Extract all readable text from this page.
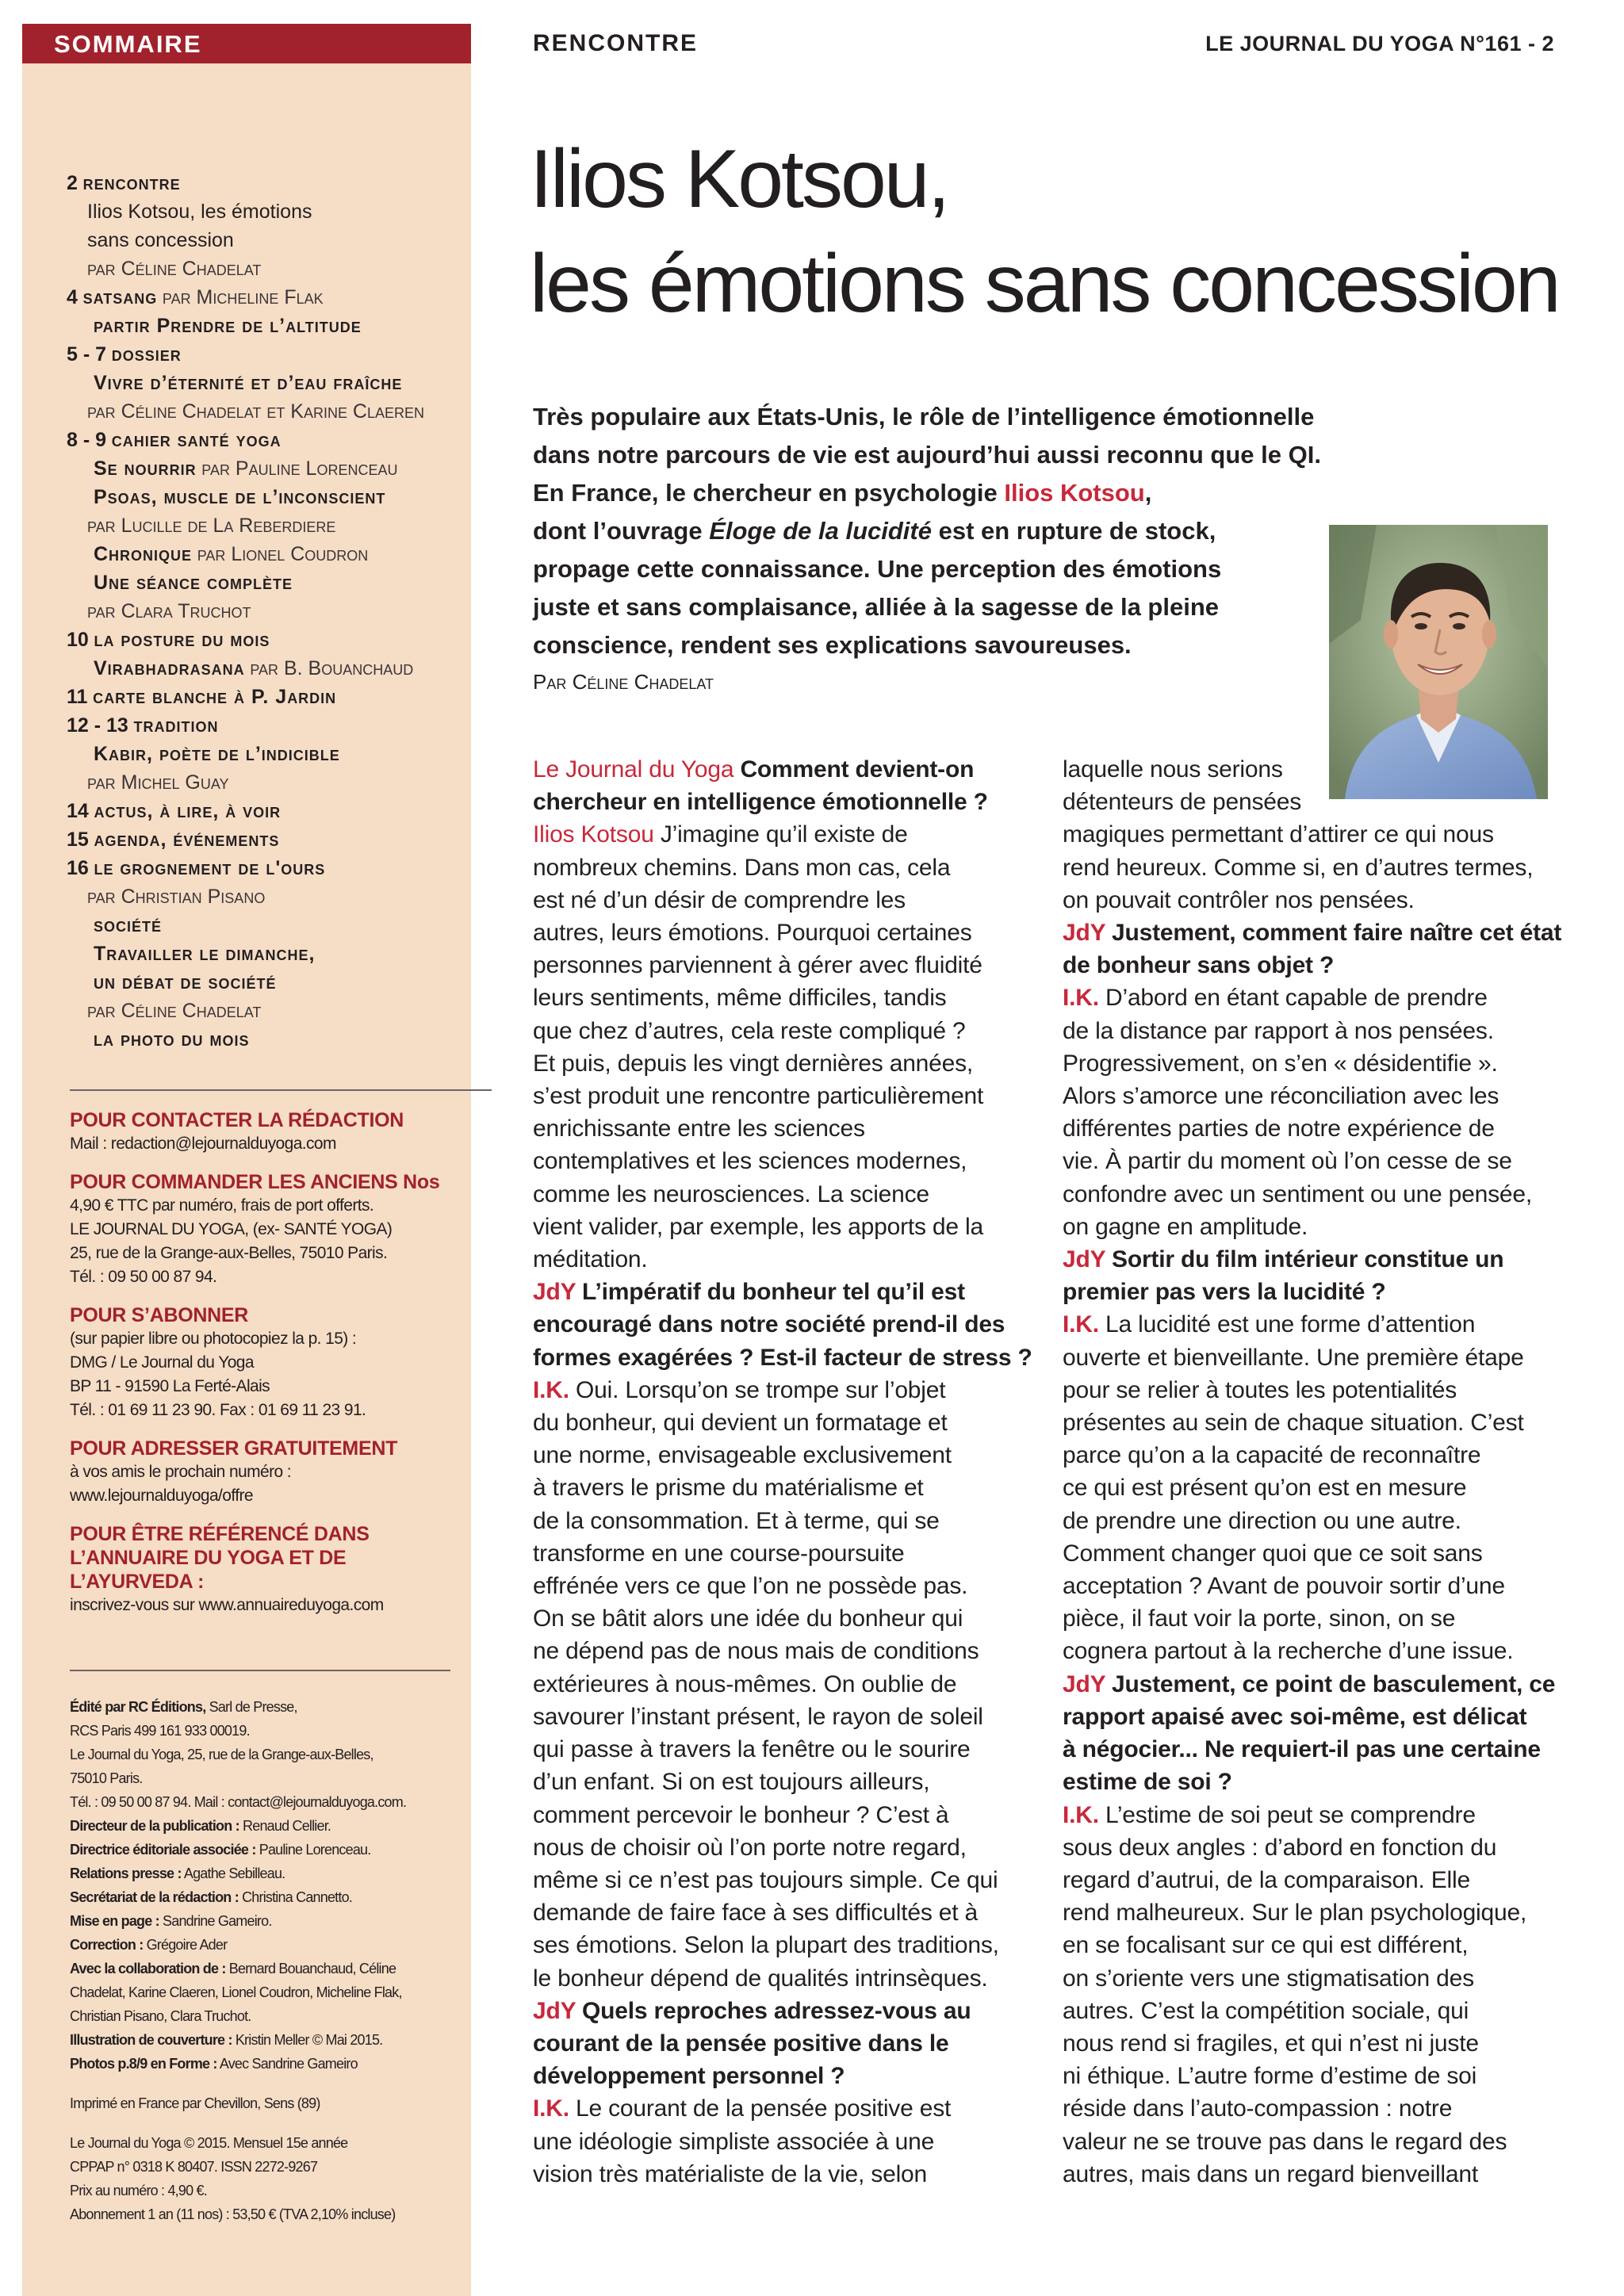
SOMMAIRE
2 rencontre
Ilios Kotsou, les émotions
sans concession
par Céline Chadelat
4 satsang par Micheline Flak
partir Prendre de l’altitude
5 - 7 dossier
Vivre d’éternité et d’eau fraîche
par Céline Chadelat et Karine Claeren
8 - 9 cahier santé yoga
Se nourrir par Pauline Lorenceau
Psoas, muscle de l’inconscient
par Lucille de La Reberdiere
Chronique par Lionel Coudron
Une séance complète
par Clara Truchot
10 la posture du mois
Virabhadrasana par B. Bouanchaud
11 carte blanche à P. Jardin
12 - 13 tradition
Kabir, poète de l’indicible
par Michel Guay
14 actus, à lire, à voir
15 agenda, événements
16 le grognement de l'ours
par Christian Pisano
société
Travailler le dimanche,
un débat de société
par Céline Chadelat
la photo du mois
POUR CONTACTER LA RÉDACTION
Mail : redaction@lejournalduyoga.com
POUR COMMANDER LES ANCIENS Nos
4,90 € TTC par numéro, frais de port offerts.
LE JOURNAL DU YOGA, (ex- SANTÉ YOGA)
25, rue de la Grange-aux-Belles, 75010 Paris.
Tél. : 09 50 00 87 94.
POUR S’ABONNER
(sur papier libre ou photocopiez la p. 15) :
DMG / Le Journal du Yoga
BP 11 - 91590 La Ferté-Alais
Tél. : 01 69 11 23 90. Fax : 01 69 11 23 91.
POUR ADRESSER GRATUITEMENT
à vos amis le prochain numéro :
www.lejournalduyoga/offre
POUR ÊTRE RÉFÉRENCÉ DANS L’ANNUAIRE DU YOGA ET DE L’AYURVEDA :
inscrivez-vous sur www.annuaireduyoga.com
Édité par RC Éditions, Sarl de Presse,
RCS Paris 499 161 933 00019.
Le Journal du Yoga, 25, rue de la Grange-aux-Belles,
75010 Paris.
Tél. : 09 50 00 87 94. Mail : contact@lejournalduyoga.com.
Directeur de la publication : Renaud Cellier.
Directrice éditoriale associée : Pauline Lorenceau.
Relations presse : Agathe Sebilleau.
Secrétariat de la rédaction : Christina Cannetto.
Mise en page : Sandrine Gameiro.
Correction : Grégoire Ader
Avec la collaboration de : Bernard Bouanchaud, Céline
Chadelat, Karine Claeren, Lionel Coudron, Micheline Flak,
Christian Pisano, Clara Truchot.
Illustration de couverture : Kristin Meller © Mai 2015.
Photos p.8/9 en Forme : Avec Sandrine Gameiro
Imprimé en France par Chevillon, Sens (89)
Le Journal du Yoga © 2015. Mensuel 15e année
CPPAP n° 0318 K 80407. ISSN 2272-9267
Prix au numéro : 4,90 €.
Abonnement 1 an (11 nos) : 53,50 € (TVA 2,10% incluse)
RENCONTRE	LE JOURNAL DU YOGA N°161 - 2
Ilios Kotsou,
les émotions sans concession
Très populaire aux États-Unis, le rôle de l’intelligence émotionnelle
dans notre parcours de vie est aujourd’hui aussi reconnu que le QI.
En France, le chercheur en psychologie Ilios Kotsou,
dont l’ouvrage Éloge de la lucidité est en rupture de stock,
propage cette connaissance. Une perception des émotions
juste et sans complaisance, alliée à la sagesse de la pleine
conscience, rendent ses explications savoureuses.
Par Céline Chadelat
Le Journal du Yoga Comment devient-on
chercheur en intelligence émotionnelle ?
Ilios Kotsou J’imagine qu’il existe de
nombreux chemins. Dans mon cas, cela
est né d’un désir de comprendre les
autres, leurs émotions. Pourquoi certaines
personnes parviennent à gérer avec fluidité
leurs sentiments, même difficiles, tandis
que chez d’autres, cela reste compliqué ?
Et puis, depuis les vingt dernières années,
s’est produit une rencontre particulièrement
enrichissante entre les sciences
contemplatives et les sciences modernes,
comme les neurosciences. La science
vient valider, par exemple, les apports de la
méditation.
JdY L’impératif du bonheur tel qu’il est
encouragé dans notre société prend-il des
formes exagérées ? Est-il facteur de stress ?
I.K. Oui. Lorsqu’on se trompe sur l’objet
du bonheur, qui devient un formatage et
une norme, envisageable exclusivement
à travers le prisme du matérialisme et
de la consommation. Et à terme, qui se
transforme en une course-poursuite
effrénée vers ce que l’on ne possède pas.
On se bâtit alors une idée du bonheur qui
ne dépend pas de nous mais de conditions
extérieures à nous-mêmes. On oublie de
savourer l’instant présent, le rayon de soleil
qui passe à travers la fenêtre ou le sourire
d’un enfant. Si on est toujours ailleurs,
comment percevoir le bonheur ? C’est à
nous de choisir où l’on porte notre regard,
même si ce n’est pas toujours simple. Ce qui
demande de faire face à ses difficultés et à
ses émotions. Selon la plupart des traditions,
le bonheur dépend de qualités intrinsèques.
JdY Quels reproches adressez-vous au
courant de la pensée positive dans le
développement personnel ?
I.K. Le courant de la pensée positive est
une idéologie simpliste associée à une
vision très matérialiste de la vie, selon
laquelle nous serions
détenteurs de pensées
magiques permettant d’attirer ce qui nous
rend heureux. Comme si, en d’autres termes,
on pouvait contrôler nos pensées.
JdY Justement, comment faire naître cet état
de bonheur sans objet ?
I.K. D’abord en étant capable de prendre
de la distance par rapport à nos pensées.
Progressivement, on s’en « désidentifie ».
Alors s’amorce une réconciliation avec les
différentes parties de notre expérience de
vie. À partir du moment où l’on cesse de se
confondre avec un sentiment ou une pensée,
on gagne en amplitude.
JdY Sortir du film intérieur constitue un
premier pas vers la lucidité ?
I.K. La lucidité est une forme d’attention
ouverte et bienveillante. Une première étape
pour se relier à toutes les potentialités
présentes au sein de chaque situation. C’est
parce qu’on a la capacité de reconnaître
ce qui est présent qu’on est en mesure
de prendre une direction ou une autre.
Comment changer quoi que ce soit sans
acceptation ? Avant de pouvoir sortir d’une
pièce, il faut voir la porte, sinon, on se
cognera partout à la recherche d’une issue.
JdY Justement, ce point de basculement, ce
rapport apaisé avec soi-même, est délicat
à négocier... Ne requiert-il pas une certaine
estime de soi ?
I.K. L’estime de soi peut se comprendre
sous deux angles : d’abord en fonction du
regard d’autrui, de la comparaison. Elle
rend malheureux. Sur le plan psychologique,
en se focalisant sur ce qui est différent,
on s’oriente vers une stigmatisation des
autres. C’est la compétition sociale, qui
nous rend si fragiles, et qui n’est ni juste
ni éthique. L’autre forme d’estime de soi
réside dans l’auto-compassion : notre
valeur ne se trouve pas dans le regard des
autres, mais dans un regard bienveillant
